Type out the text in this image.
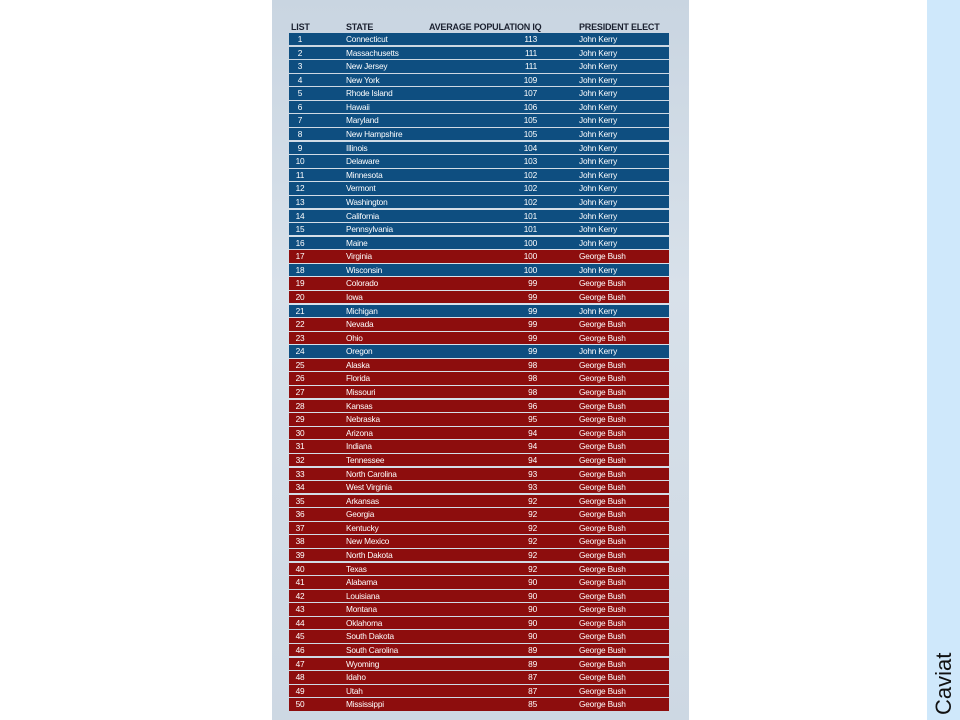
Caviat
LIST	STATE	AVERAGE POPULATION IQ	PRESIDENT ELECT
1	Connecticut	113	John Kerry
2	Massachusetts	111	John Kerry
3	New Jersey	111	John Kerry
4	New York	109	John Kerry
5	Rhode Island	107	John Kerry
6	Hawaii	106	John Kerry
7	Maryland	105	John Kerry
8	New Hampshire	105	John Kerry
9	Illinois	104	John Kerry
10	Delaware	103	John Kerry
11	Minnesota	102	John Kerry
12	Vermont	102	John Kerry
13	Washington	102	John Kerry
14	California	101	John Kerry
15	Pennsylvania	101	John Kerry
16	Maine	100	John Kerry
17	Virginia	100	George Bush
18	Wisconsin	100	John Kerry
19	Colorado	99	George Bush
20	Iowa	99	George Bush
21	Michigan	99	John Kerry
22	Nevada	99	George Bush
23	Ohio	99	George Bush
24	Oregon	99	John Kerry
25	Alaska	98	George Bush
26	Florida	98	George Bush
27	Missouri	98	George Bush
28	Kansas	96	George Bush
29	Nebraska	95	George Bush
30	Arizona	94	George Bush
31	Indiana	94	George Bush
32	Tennessee	94	George Bush
33	North Carolina	93	George Bush
34	West Virginia	93	George Bush
35	Arkansas	92	George Bush
36	Georgia	92	George Bush
37	Kentucky	92	George Bush
38	New Mexico	92	George Bush
39	North Dakota	92	George Bush
40	Texas	92	George Bush
41	Alabama	90	George Bush
42	Louisiana	90	George Bush
43	Montana	90	George Bush
44	Oklahoma	90	George Bush
45	South Dakota	90	George Bush
46	South Carolina	89	George Bush
47	Wyoming	89	George Bush
48	Idaho	87	George Bush
49	Utah	87	George Bush
50	Mississippi	85	George Bush
